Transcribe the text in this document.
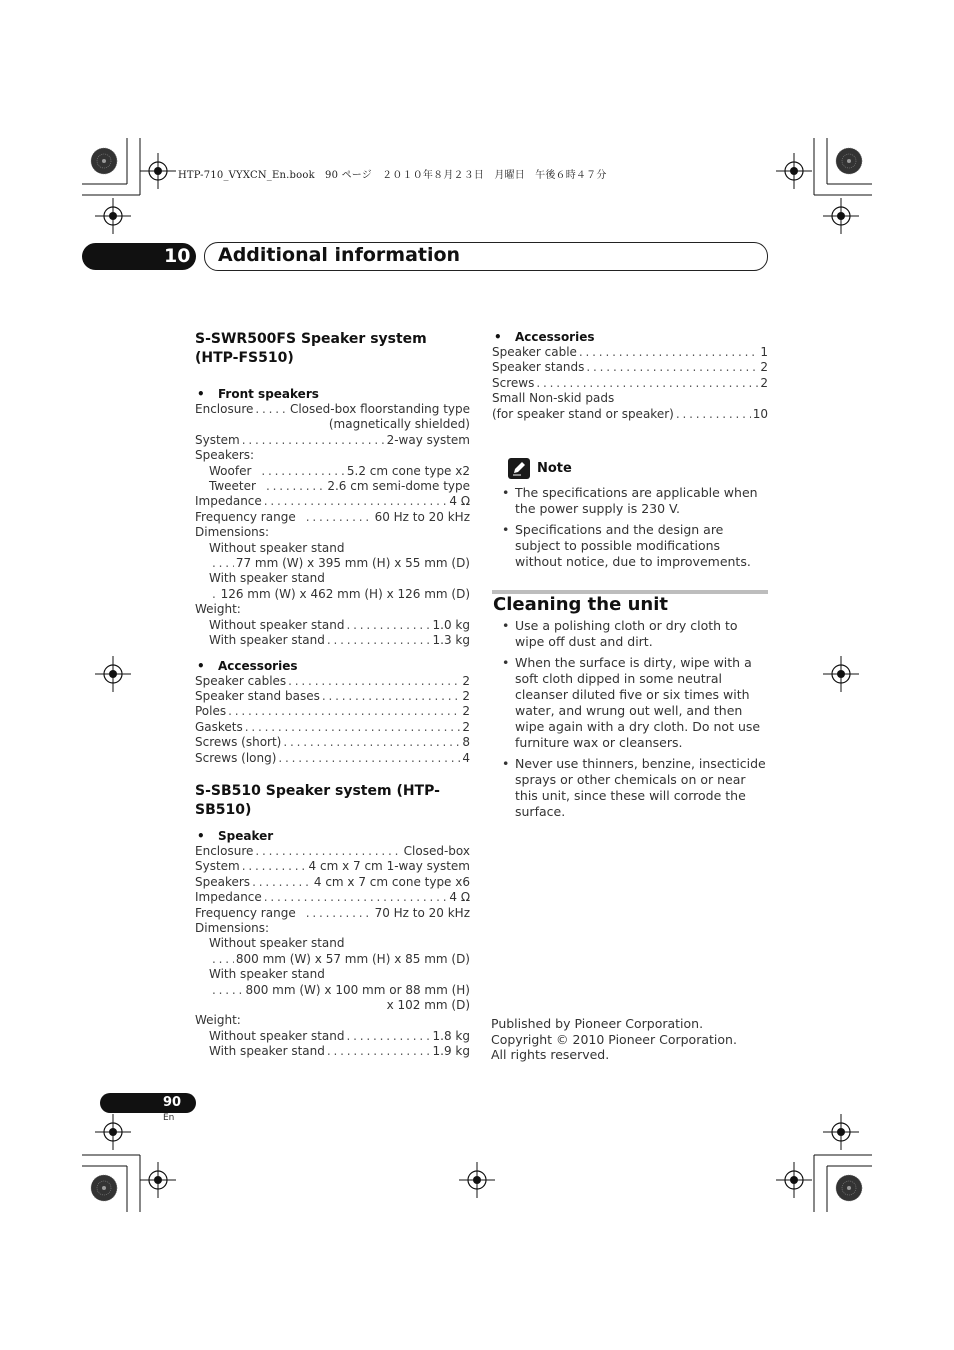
HTP-710_VYXCN_En.book　90 ページ　２０１０年８月２３日　月曜日　午後６時４７分
10 Additional information
S-SWR500FS Speaker system (HTP-FS510)
• Front speakers
Enclosure . . .	Closed-box floorstanding type
(magnetically shielded)
System . . .	2-way system
Speakers:
Woofer . . .	5.2 cm cone type x2
Tweeter . . .	2.6 cm semi-dome type
Impedance . . .	4 Ω
Frequency range . . .	60 Hz to 20 kHz
Dimensions:
Without speaker stand
. . .
77 mm (W) x 395 mm (H) x 55 mm (D)
With speaker stand
. . .
126 mm (W) x 462 mm (H) x 126 mm (D)
Weight:
Without speaker stand . . .	1.0 kg
With speaker stand . . .	1.3 kg
• Accessories
Speaker cables . . .	2
Speaker stand bases . . .	2
Poles . . .	2
Gaskets . . .	2
Screws (short) . . .	8
Screws (long) . . .	4
S-SB510 Speaker system (HTP-SB510)
• Speaker
Enclosure . . .	Closed-box
System . . .	4 cm x 7 cm 1-way system
Speakers . . .	4 cm x 7 cm cone type x6
Impedance . . .	4 Ω
Frequency range . . .	70 Hz to 20 kHz
Dimensions:
Without speaker stand
. . .
800 mm (W) x 57 mm (H) x 85 mm (D)
With speaker stand
. . .
800 mm (W) x 100 mm or 88 mm (H)
x 102 mm (D)
Weight:
Without speaker stand . . .	1.8 kg
With speaker stand . . .	1.9 kg
• Accessories
Speaker cable . . .	1
Speaker stands . . .	2
Screws . . .	2
Small Non-skid pads
(for speaker stand or speaker) . . .	10
Note
• The specifications are applicable when the power supply is 230 V.
• Specifications and the design are subject to possible modifications without notice, due to improvements.
Cleaning the unit
• Use a polishing cloth or dry cloth to wipe off dust and dirt.
• When the surface is dirty, wipe with a soft cloth dipped in some neutral cleanser diluted five or six times with water, and wrung out well, and then wipe again with a dry cloth. Do not use furniture wax or cleansers.
• Never use thinners, benzine, insecticide sprays or other chemicals on or near this unit, since these will corrode the surface.
Published by Pioneer Corporation.
Copyright © 2010 Pioneer Corporation.
All rights reserved.
90
En
